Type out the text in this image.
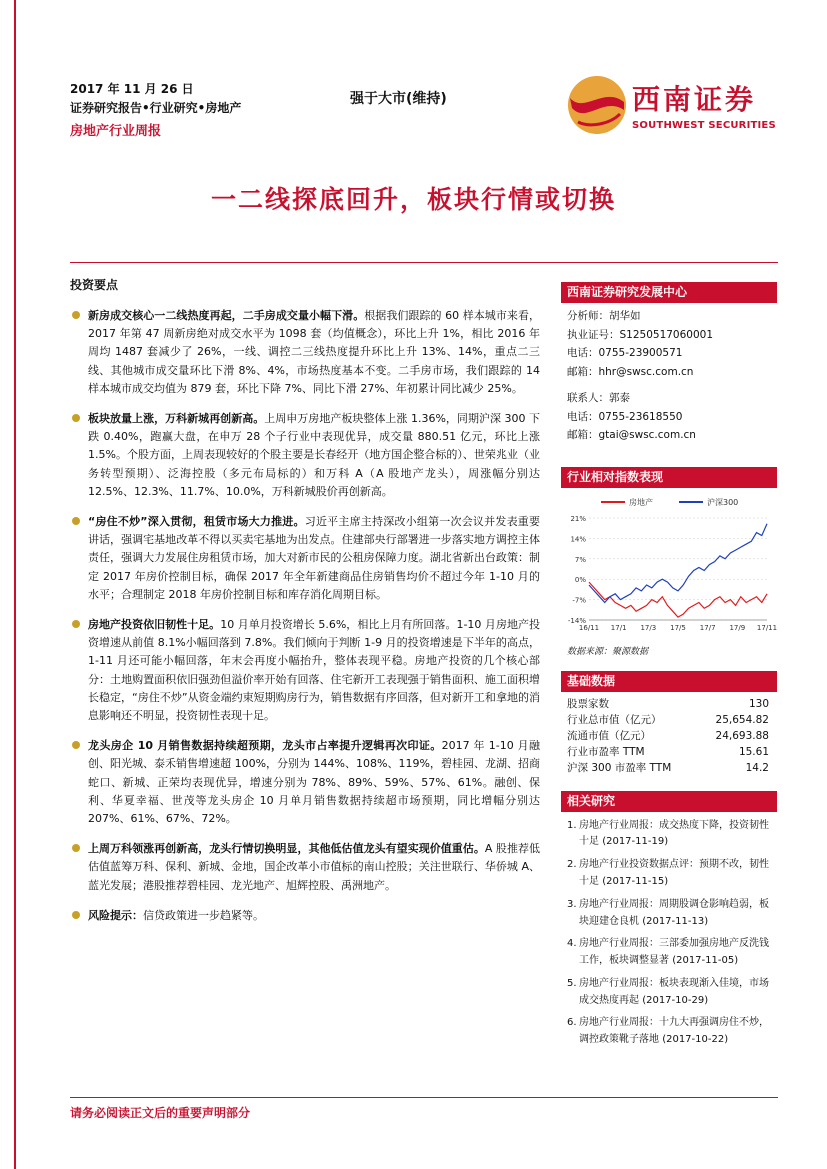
2017 年 11 月 26 日
证券研究报告•行业研究•房地产
房地产行业周报
强于大市(维持)	西南证券
SOUTHWEST SECURITIES
一二线探底回升，板块行情或切换
投资要点
新房成交核心一二线热度再起，二手房成交量小幅下滑。根据我们跟踪的 60 样本城市来看，2017 年第 47 周新房绝对成交水平为 1098 套（均值概念），环比上升 1%，相比 2016 年周均 1487 套减少了 26%，一线、调控二三线热度提升环比上升 13%、14%，重点二三线、其他城市成交量环比下滑 8%、4%，市场热度基本不变。二手房市场，我们跟踪的 14 样本城市成交均值为 879 套，环比下降 7%、同比下滑 27%、年初累计同比减少 25%。
板块放量上涨，万科新城再创新高。上周申万房地产板块整体上涨 1.36%，同期沪深 300 下跌 0.40%，跑赢大盘，在申万 28 个子行业中表现优异，成交量 880.51 亿元，环比上涨 1.5%。个股方面，上周表现较好的个股主要是长春经开（地方国企整合标的）、世荣兆业（业务转型预期）、泛海控股（多元布局标的）和万科 A（A 股地产龙头），周涨幅分别达 12.5%、12.3%、11.7%、10.0%，万科新城股价再创新高。
“房住不炒”深入贯彻，租赁市场大力推进。习近平主席主持深改小组第一次会议并发表重要讲话，强调宅基地改革不得以买卖宅基地为出发点。住建部央行部署进一步落实地方调控主体责任，强调大力发展住房租赁市场，加大对新市民的公租房保障力度。湖北省新出台政策：制定 2017 年房价控制目标，确保 2017 年全年新建商品住房销售均价不超过今年 1-10 月的水平；合理制定 2018 年房价控制目标和库存消化周期目标。
房地产投资依旧韧性十足。10 月单月投资增长 5.6%，相比上月有所回落。1-10 月房地产投资增速从前值 8.1%小幅回落到 7.8%。我们倾向于判断 1-9 月的投资增速是下半年的高点，1-11 月还可能小幅回落，年末会再度小幅抬升，整体表现平稳。房地产投资的几个核心部分：土地购置面积依旧强劲但溢价率开始有回落、住宅新开工表现强于销售面积、施工面积增长稳定，“房住不炒”从资金端约束短期购房行为，销售数据有序回落，但对新开工和拿地的消息影响还不明显，投资韧性表现十足。
龙头房企 10 月销售数据持续超预期，龙头市占率提升逻辑再次印证。2017 年 1-10 月融创、阳光城、泰禾销售增速超 100%，分别为 144%、108%、119%，碧桂园、龙湖、招商蛇口、新城、正荣均表现优异，增速分别为 78%、89%、59%、57%、61%。融创、保利、华夏幸福、世茂等龙头房企 10 月单月销售数据持续超市场预期，同比增幅分别达 207%、61%、67%、72%。
上周万科领涨再创新高，龙头行情切换明显，其他低估值龙头有望实现价值重估。A 股推荐低估值蓝筹万科、保利、新城、金地，国企改革小市值标的南山控股；关注世联行、华侨城 A、蓝光发展；港股推荐碧桂园、龙光地产、旭辉控股、禹洲地产。
风险提示：信贷政策进一步趋紧等。
西南证券研究发展中心
分析师：胡华如
执业证号：S1250517060001
电话：0755-23900571
邮箱：hhr@swsc.com.cn
联系人：郭泰
电话：0755-23618550
邮箱：gtai@swsc.com.cn
行业相对指数表现
房地产	沪深300
21%
14%
7%
0%
-7%
-14%
16/11 17/1 17/3 17/5 17/7 17/9 17/11
数据来源：聚源数据
基础数据
股票家数	130
行业总市值（亿元）	25,654.82
流通市值（亿元）	24,693.88
行业市盈率 TTM	15.61
沪深 300 市盈率 TTM	14.2
相关研究
1. 房地产行业周报：成交热度下降，投资韧性十足 (2017-11-19)
2. 房地产行业投资数据点评：预期不改，韧性十足 (2017-11-15)
3. 房地产行业周报：周期股调仓影响趋弱，板块迎建仓良机 (2017-11-13)
4. 房地产行业周报：三部委加强房地产反洗钱工作，板块调整显著 (2017-11-05)
5. 房地产行业周报：板块表现渐入佳境，市场成交热度再起 (2017-10-29)
6. 房地产行业周报：十九大再强调房住不炒，调控政策靴子落地 (2017-10-22)
请务必阅读正文后的重要声明部分
